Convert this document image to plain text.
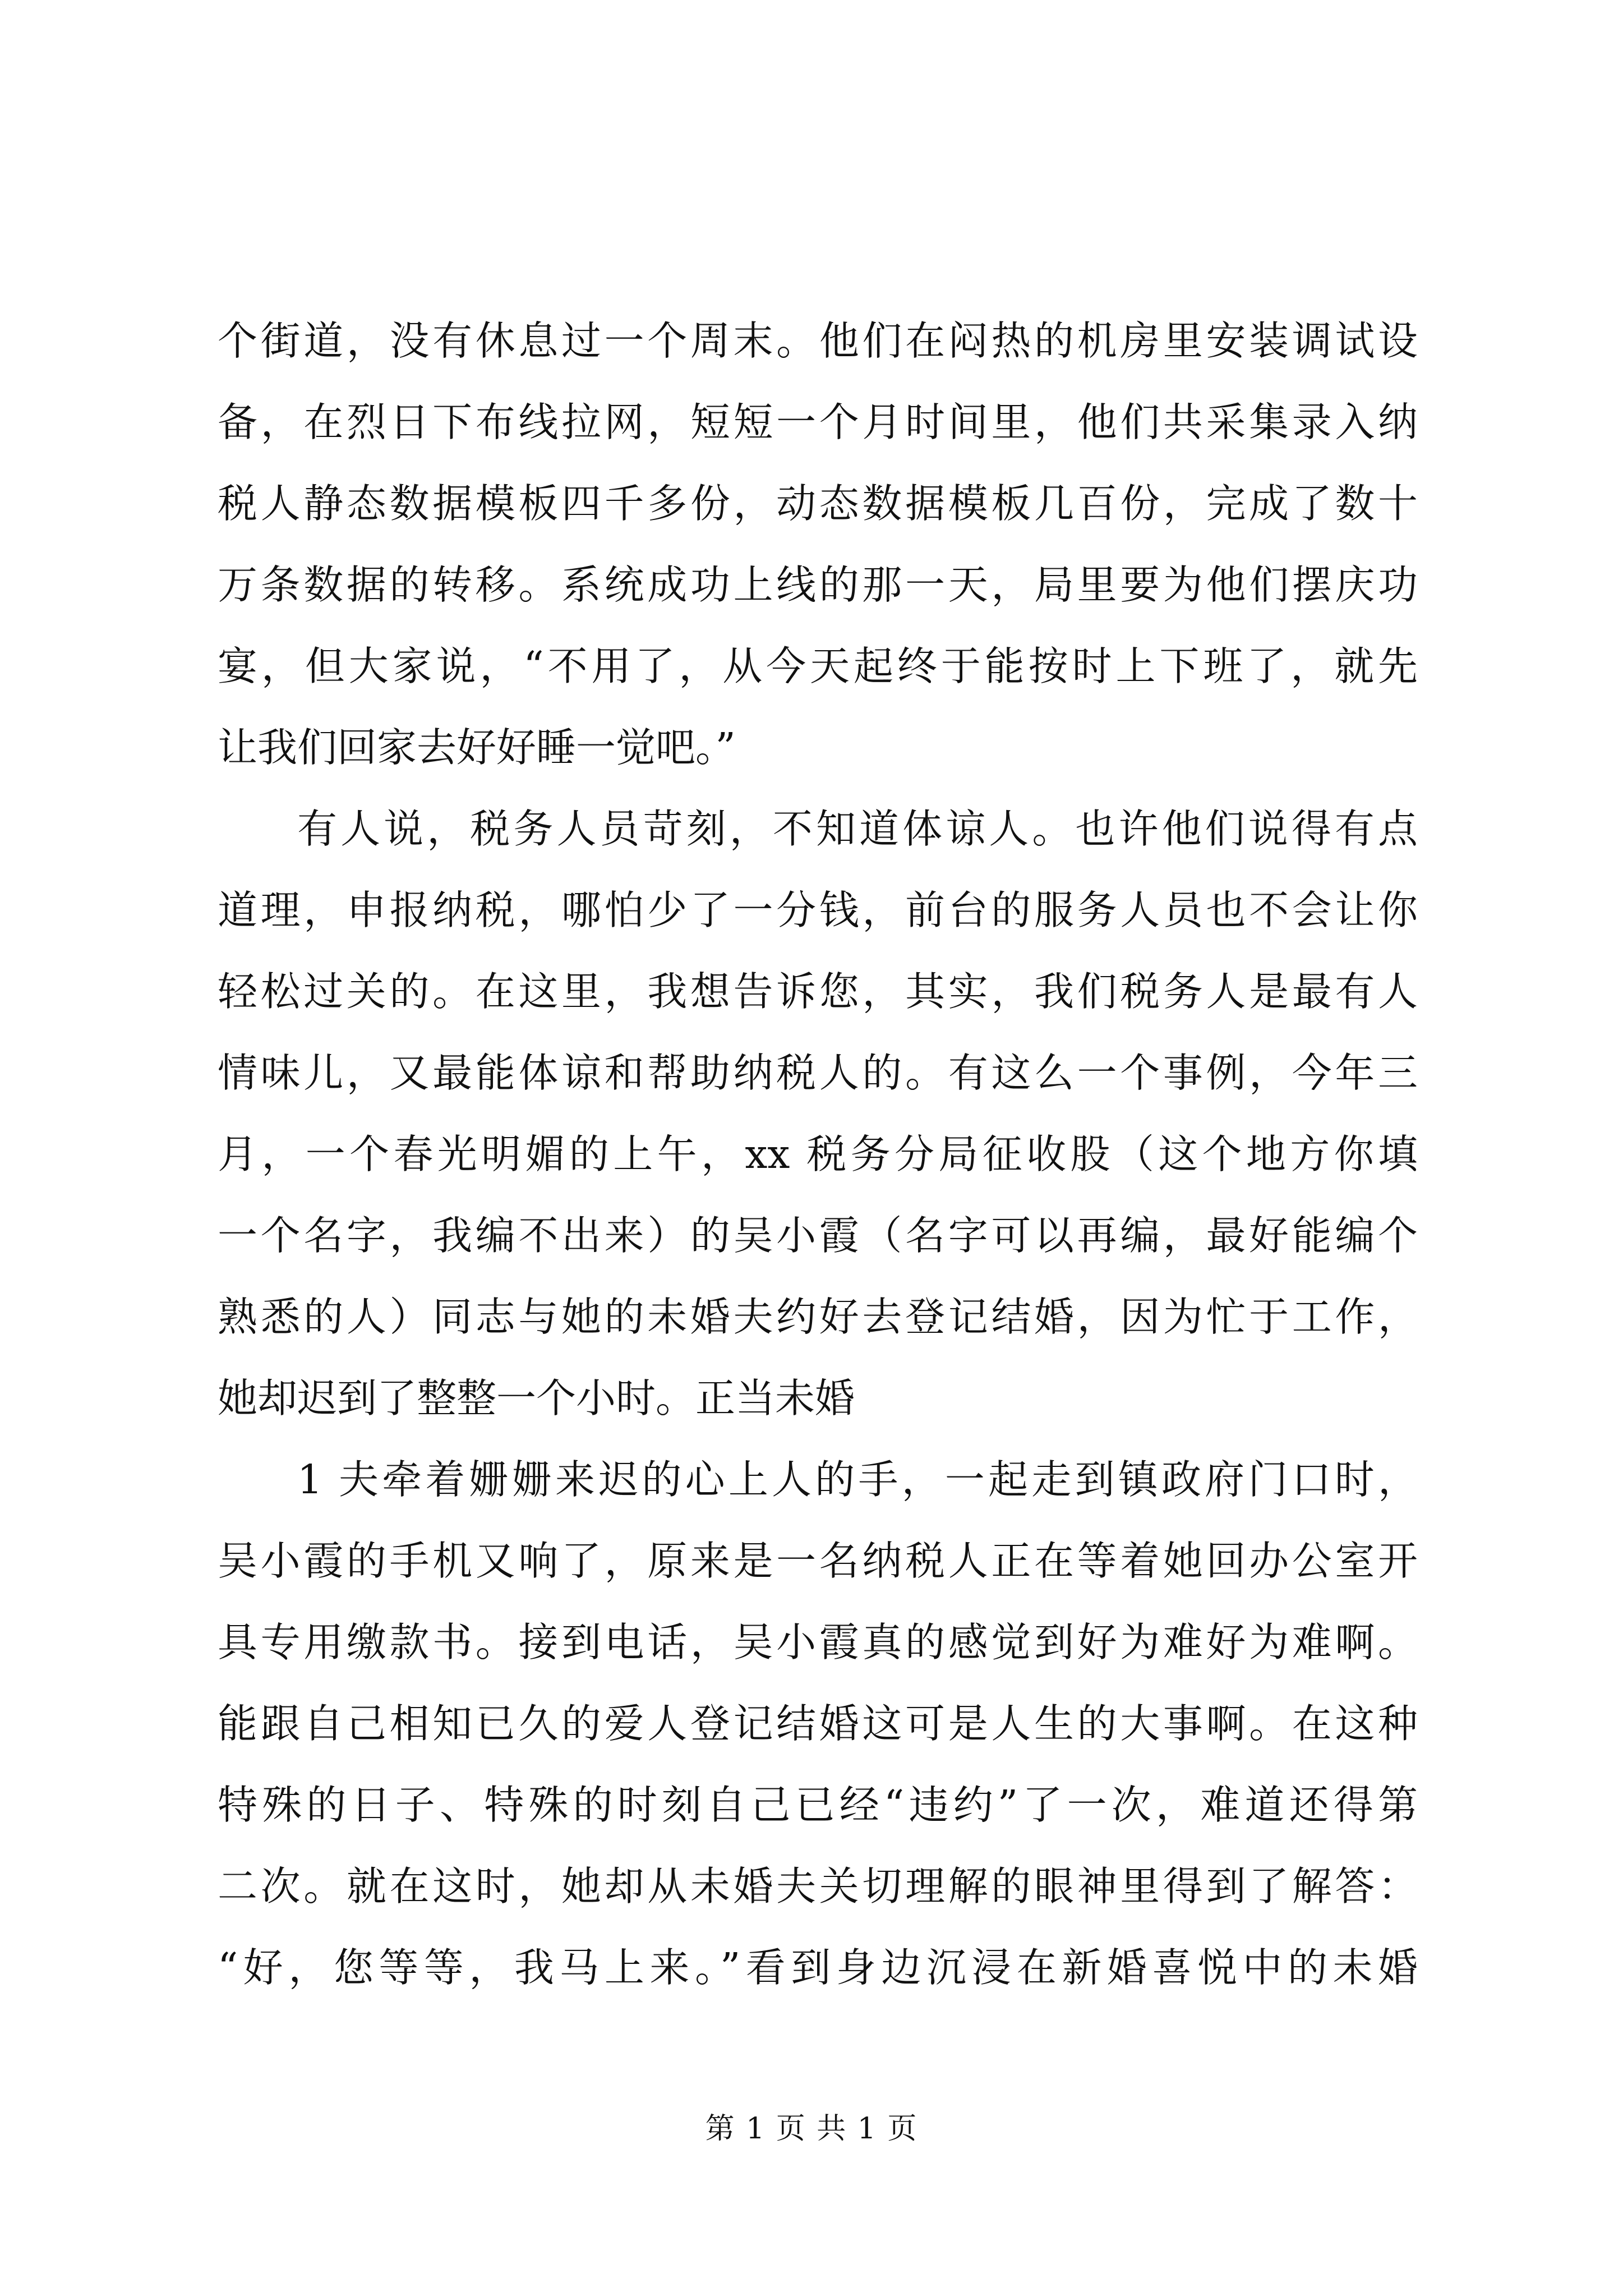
个街道，没有休息过一个周末。他们在闷热的机房里安装调试设
备，在烈日下布线拉网，短短一个月时间里，他们共采集录入纳
税人静态数据模板四千多份，动态数据模板几百份，完成了数十
万条数据的转移。系统成功上线的那一天，局里要为他们摆庆功
宴，但大家说，“不用了，从今天起终于能按时上下班了，就先
让我们回家去好好睡一觉吧。”
有人说，税务人员苛刻，不知道体谅人。也许他们说得有点
道理，申报纳税，哪怕少了一分钱，前台的服务人员也不会让你
轻松过关的。在这里，我想告诉您，其实，我们税务人是最有人
情味儿，又最能体谅和帮助纳税人的。有这么一个事例，今年三
月，一个春光明媚的上午，xx 税务分局征收股（这个地方你填
一个名字，我编不出来）的吴小霞（名字可以再编，最好能编个
熟悉的人）同志与她的未婚夫约好去登记结婚，因为忙于工作，
她却迟到了整整一个小时。正当未婚
1 夫牵着姗姗来迟的心上人的手，一起走到镇政府门口时，
吴小霞的手机又响了，原来是一名纳税人正在等着她回办公室开
具专用缴款书。接到电话，吴小霞真的感觉到好为难好为难啊。
能跟自己相知已久的爱人登记结婚这可是人生的大事啊。在这种
特殊的日子、特殊的时刻自己已经“违约”了一次，难道还得第
二次。就在这时，她却从未婚夫关切理解的眼神里得到了解答：
“好，您等等，我马上来。”看到身边沉浸在新婚喜悦中的未婚
第 1 页 共 1 页
